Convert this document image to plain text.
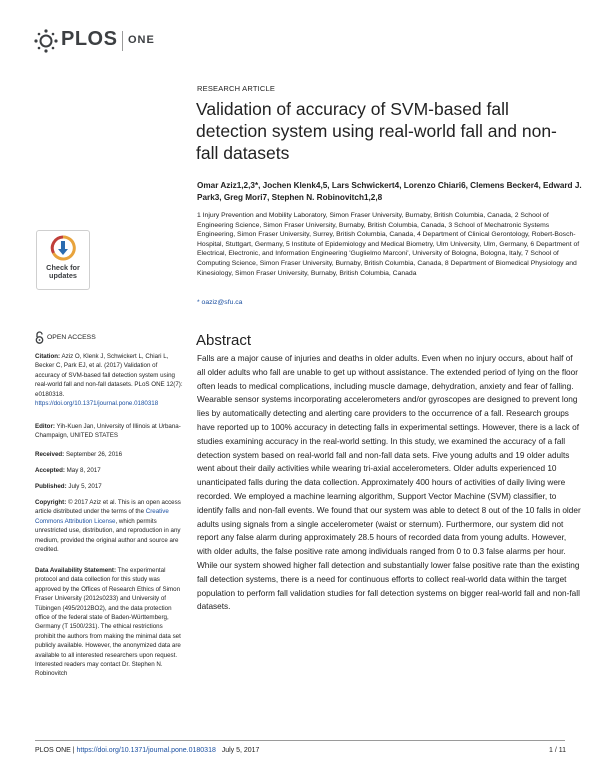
PLOS ONE
RESEARCH ARTICLE
Validation of accuracy of SVM-based fall detection system using real-world fall and non-fall datasets
Omar Aziz1,2,3*, Jochen Klenk4,5, Lars Schwickert4, Lorenzo Chiari6, Clemens Becker4, Edward J. Park3, Greg Mori7, Stephen N. Robinovitch1,2,8
1 Injury Prevention and Mobility Laboratory, Simon Fraser University, Burnaby, British Columbia, Canada, 2 School of Engineering Science, Simon Fraser University, Burnaby, British Columbia, Canada, 3 School of Mechatronic Systems Engineering, Simon Fraser University, Surrey, British Columbia, Canada, 4 Department of Clinical Gerontology, Robert-Bosch-Hospital, Stuttgart, Germany, 5 Institute of Epidemiology and Medical Biometry, Ulm University, Ulm, Germany, 6 Department of Electrical, Electronic, and Information Engineering 'Guglielmo Marconi', University of Bologna, Bologna, Italy, 7 School of Computing Science, Simon Fraser University, Burnaby, British Columbia, Canada, 8 Department of Biomedical Physiology and Kinesiology, Simon Fraser University, Burnaby, British Columbia, Canada
* oaziz@sfu.ca
Abstract
Falls are a major cause of injuries and deaths in older adults. Even when no injury occurs, about half of all older adults who fall are unable to get up without assistance. The extended period of lying on the floor often leads to medical complications, including muscle damage, dehydration, anxiety and fear of falling. Wearable sensor systems incorporating accelerometers and/or gyroscopes are designed to prevent long lies by automatically detecting and alerting care providers to the occurrence of a fall. Research groups have reported up to 100% accuracy in detecting falls in experimental settings. However, there is a lack of studies examining accuracy in the real-world setting. In this study, we examined the accuracy of a fall detection system based on real-world fall and non-fall data sets. Five young adults and 19 older adults went about their daily activities while wearing tri-axial accelerometers. Older adults experienced 10 unanticipated falls during the data collection. Approximately 400 hours of activities of daily living were recorded. We employed a machine learning algorithm, Support Vector Machine (SVM) classifier, to identify falls and non-fall events. We found that our system was able to detect 8 out of the 10 falls in older adults using signals from a single accelerometer (waist or sternum). Furthermore, our system did not report any false alarm during approximately 28.5 hours of recorded data from young adults. However, with older adults, the false positive rate among individuals ranged from 0 to 0.3 false alarms per hour. While our system showed higher fall detection and substantially lower false positive rate than the existing fall detection systems, there is a need for continuous efforts to collect real-world data within the target population to perform fall validation studies for fall detection systems on bigger real-world fall and non-fall datasets.
Check for
updates
OPEN ACCESS
Citation: Aziz O, Klenk J, Schwickert L, Chiari L, Becker C, Park EJ, et al. (2017) Validation of accuracy of SVM-based fall detection system using real-world fall and non-fall datasets. PLoS ONE 12(7): e0180318. https://doi.org/10.1371/journal.pone.0180318
Editor: Yih-Kuen Jan, University of Illinois at Urbana-Champaign, UNITED STATES
Received: September 26, 2016
Accepted: May 8, 2017
Published: July 5, 2017
Copyright: © 2017 Aziz et al. This is an open access article distributed under the terms of the Creative Commons Attribution License, which permits unrestricted use, distribution, and reproduction in any medium, provided the original author and source are credited.
Data Availability Statement: The experimental protocol and data collection for this study was approved by the Offices of Research Ethics of Simon Fraser University (2012s0233) and University of Tübingen (495/2012BO2), and the data protection office of the federal state of Baden-Württemberg, Germany (T 1500/231). The ethical restrictions prohibit the authors from making the minimal data set publicly available. However, the anonymized data are available to all interested researchers upon request. Interested readers may contact Dr. Stephen N. Robinovitch
PLOS ONE | https://doi.org/10.1371/journal.pone.0180318 July 5, 2017	1 / 11
